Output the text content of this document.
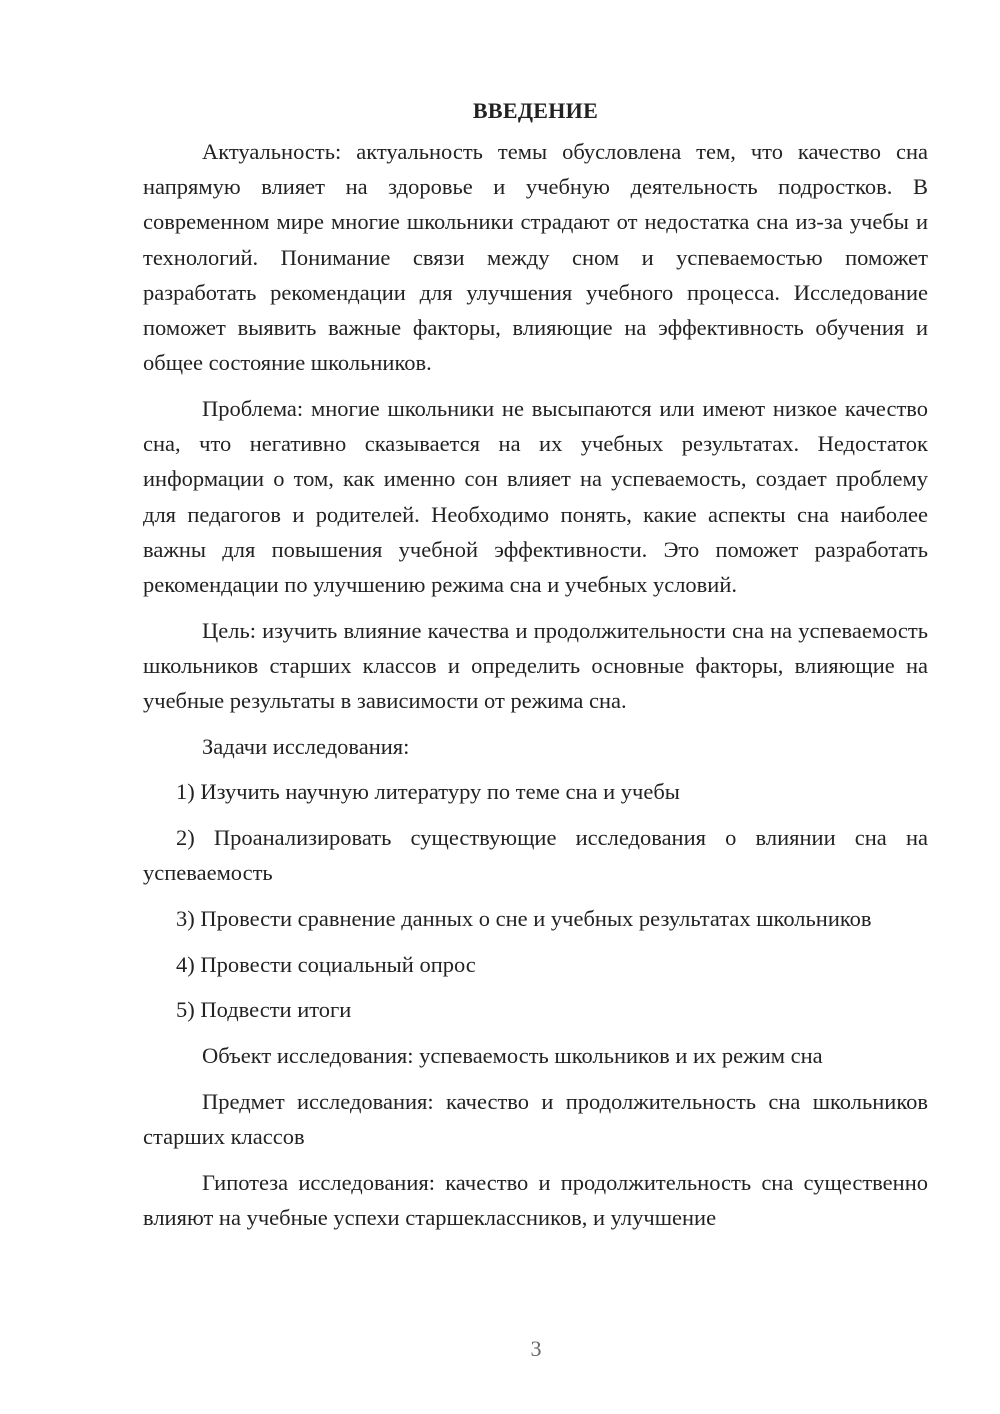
ВВЕДЕНИЕ

Актуальность: актуальность темы обусловлена тем, что качество сна напрямую влияет на здоровье и учебную деятельность подростков. В современном мире многие школьники страдают от недостатка сна из-за учебы и технологий. Понимание связи между сном и успеваемостью поможет разработать рекомендации для улучшения учебного процесса. Исследование поможет выявить важные факторы, влияющие на эффективность обучения и общее состояние школьников.

Проблема: многие школьники не высыпаются или имеют низкое качество сна, что негативно сказывается на их учебных результатах. Недостаток информации о том, как именно сон влияет на успеваемость, создает проблему для педагогов и родителей. Необходимо понять, какие аспекты сна наиболее важны для повышения учебной эффективности. Это поможет разработать рекомендации по улучшению режима сна и учебных условий.

Цель: изучить влияние качества и продолжительности сна на успеваемость школьников старших классов и определить основные факторы, влияющие на учебные результаты в зависимости от режима сна.

Задачи исследования:

1) Изучить научную литературу по теме сна и учебы

2) Проанализировать существующие исследования о влиянии сна на успеваемость

3) Провести сравнение данных о сне и учебных результатах школьников

4) Провести социальный опрос

5) Подвести итоги

Объект исследования: успеваемость школьников и их режим сна

Предмет исследования: качество и продолжительность сна школьников старших классов

Гипотеза исследования: качество и продолжительность сна существенно влияют на учебные успехи старшеклассников, и улучшение

3
